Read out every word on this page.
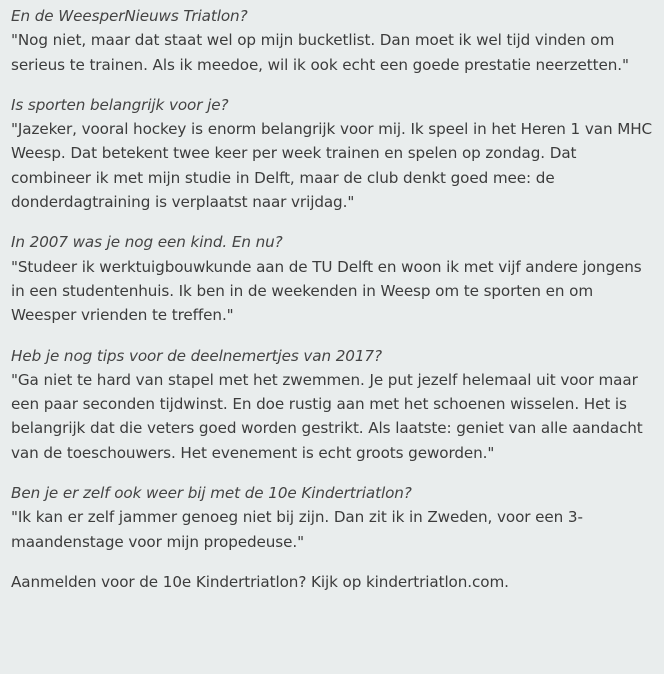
En de WeesperNieuws Triatlon?

"Nog niet, maar dat staat wel op mijn bucketlist. Dan moet ik wel tijd vinden om serieus te trainen. Als ik meedoe, wil ik ook echt een goede prestatie neerzetten."

Is sporten belangrijk voor je?

"Jazeker, vooral hockey is enorm belangrijk voor mij. Ik speel in het Heren 1 van MHC Weesp. Dat betekent twee keer per week trainen en spelen op zondag. Dat combineer ik met mijn studie in Delft, maar de club denkt goed mee: de donderdagtraining is verplaatst naar vrijdag."

In 2007 was je nog een kind. En nu?

"Studeer ik werktuigbouwkunde aan de TU Delft en woon ik met vijf andere jongens in een studentenhuis. Ik ben in de weekenden in Weesp om te sporten en om Weesper vrienden te treffen."

Heb je nog tips voor de deelnemertjes van 2017?

"Ga niet te hard van stapel met het zwemmen. Je put jezelf helemaal uit voor maar een paar seconden tijdwinst. En doe rustig aan met het schoenen wisselen. Het is belangrijk dat die veters goed worden gestrikt. Als laatste: geniet van alle aandacht van de toeschouwers. Het evenement is echt groots geworden."

Ben je er zelf ook weer bij met de 10e Kindertriatlon?

"Ik kan er zelf jammer genoeg niet bij zijn. Dan zit ik in Zweden, voor een 3-maandenstage voor mijn propedeuse."

Aanmelden voor de 10e Kindertriatlon? Kijk op kindertriatlon.com.
